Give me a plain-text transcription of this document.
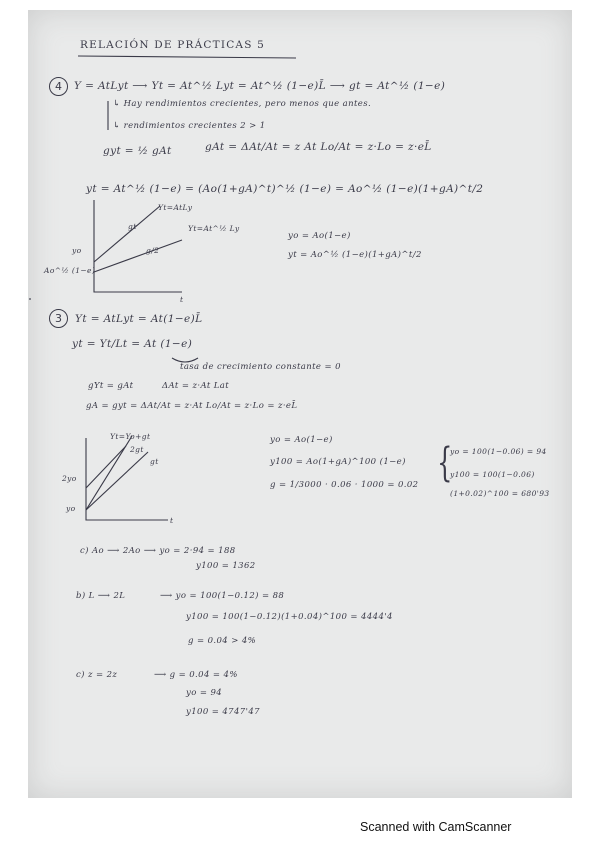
RELACIÓN DE PRÁCTICAS 5
4	Y = AtLyt ⟶ Yt = At^½ Lyt = At^½ (1−e)L̄ ⟶ gt = At^½ (1−e)
↳ Hay rendimientos crecientes, pero menos que antes.
↳ rendimientos crecientes 2 > 1
gyt = ½ gAt	gAt = ΔAt/At = z At Lo/At = z·Lo = z·eL̄
yt = At^½ (1−e) = (Ao(1+gA)^t)^½ (1−e) = Ao^½ (1−e)(1+gA)^t/2
Yt=AtLy
gt	Yt=At^½ Ly
g/2
yo
Ao^½ (1−e)
t
yo = Ao(1−e)
yt = Ao^½ (1−e)(1+gA)^t/2
3	Yt = AtLyt = At(1−e)L̄
yt = Yt/Lt = At (1−e)
tasa de crecimiento constante = 0
gYt = gAt	ΔAt = z·At Lat
gA = gyt = ΔAt/At = z·At Lo/At = z·Lo = z·eL̄
Yt=Yo+gt
2gt
gt
2yo
yo
t
yo = Ao(1−e)
y100 = Ao(1+gA)^100 (1−e)
g = 1/3000 · 0.06 · 1000 = 0.02 {
yo = 100(1−0.06) = 94
y100 = 100(1−0.06)
(1+0.02)^100 = 680'93
c) Ao ⟶ 2Ao ⟶ yo = 2·94 = 188
y100 = 1362
b) L ⟶ 2L	⟶ yo = 100(1−0.12) = 88
y100 = 100(1−0.12)(1+0.04)^100 = 4444'4
g = 0.04 > 4%
c) z = 2z	⟶ g = 0.04 = 4%
yo = 94
y100 = 4747'47
Scanned with CamScanner
